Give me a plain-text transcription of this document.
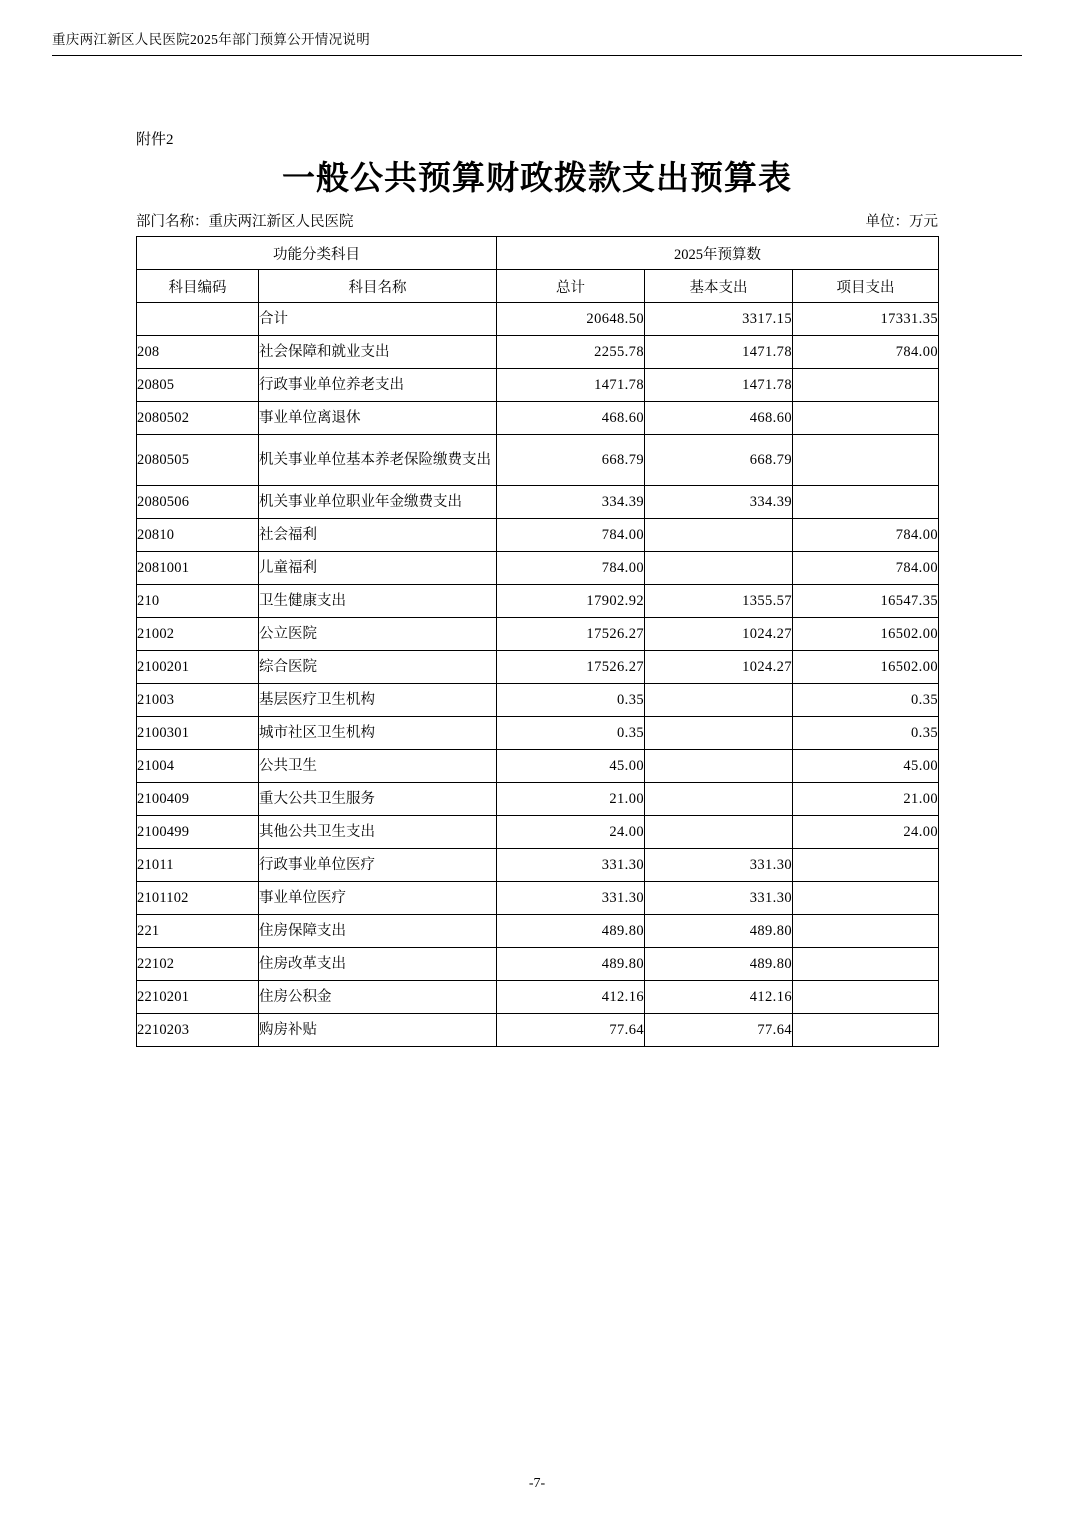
重庆两江新区人民医院2025年部门预算公开情况说明
附件2
一般公共预算财政拨款支出预算表
部门名称：重庆两江新区人民医院	单位：万元
功能分类科目		2025年预算数		
科目编码	科目名称	总计	基本支出	项目支出
	合计	20648.50	3317.15	17331.35
208	社会保障和就业支出	2255.78	1471.78	784.00
20805	行政事业单位养老支出	1471.78	1471.78	
2080502	事业单位离退休	468.60	468.60	
2080505	机关事业单位基本养老保险缴费支出	668.79	668.79	
2080506	机关事业单位职业年金缴费支出	334.39	334.39	
20810	社会福利	784.00		784.00
2081001	儿童福利	784.00		784.00
210	卫生健康支出	17902.92	1355.57	16547.35
21002	公立医院	17526.27	1024.27	16502.00
2100201	综合医院	17526.27	1024.27	16502.00
21003	基层医疗卫生机构	0.35		0.35
2100301	城市社区卫生机构	0.35		0.35
21004	公共卫生	45.00		45.00
2100409	重大公共卫生服务	21.00		21.00
2100499	其他公共卫生支出	24.00		24.00
21011	行政事业单位医疗	331.30	331.30	
2101102	事业单位医疗	331.30	331.30	
221	住房保障支出	489.80	489.80	
22102	住房改革支出	489.80	489.80	
2210201	住房公积金	412.16	412.16	
2210203	购房补贴	77.64	77.64	
-7-
